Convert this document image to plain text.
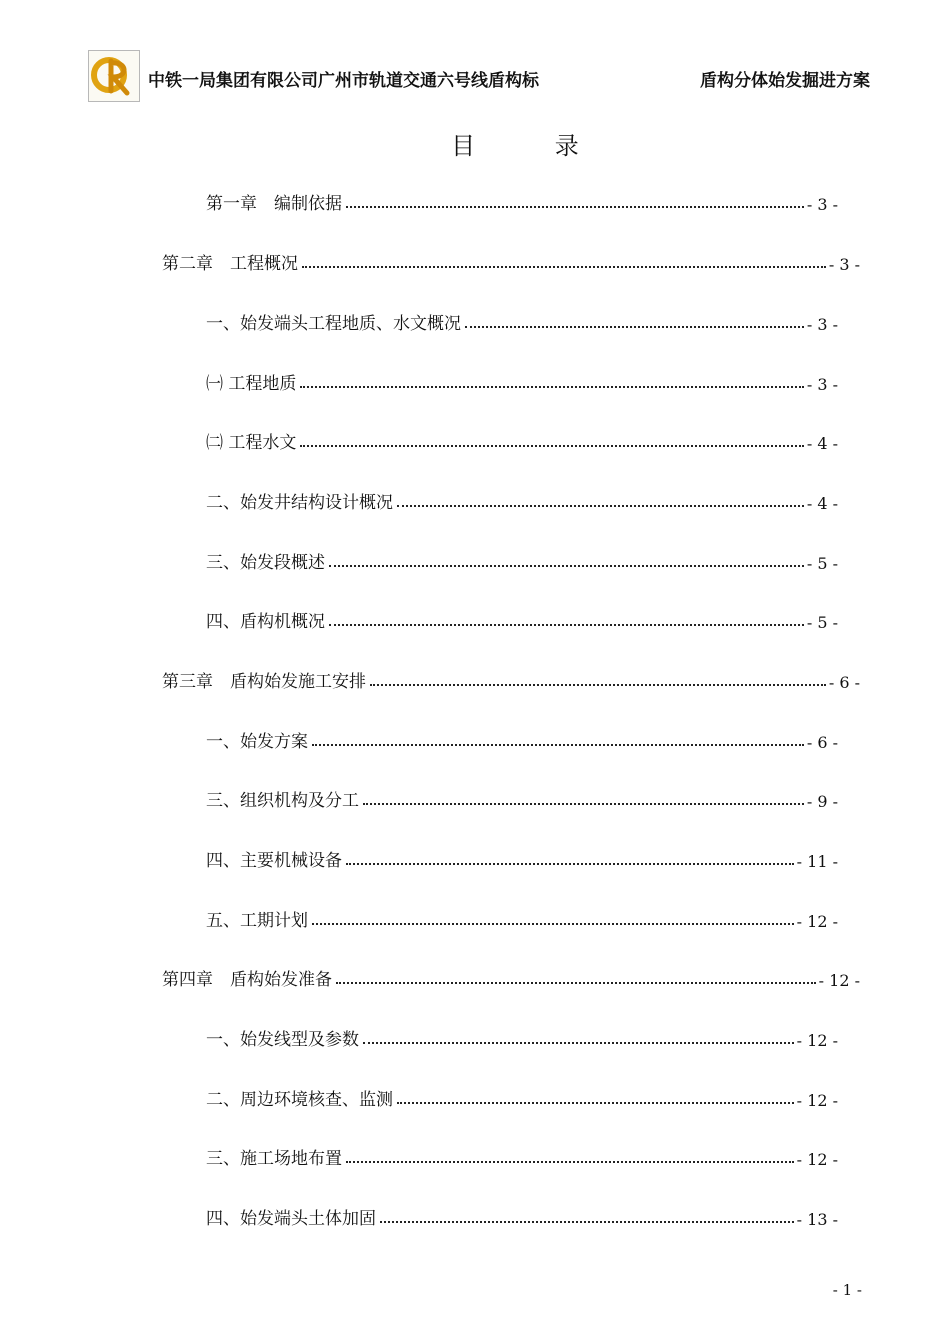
中铁一局集团有限公司广州市轨道交通六号线盾构标	盾构分体始发掘进方案
目 录
第一章　编制依据	- 3 -
第二章　工程概况	- 3 -
一、始发端头工程地质、水文概况	- 3 -
㈠ 工程地质	- 3 -
㈡ 工程水文	- 4 -
二、始发井结构设计概况	- 4 -
三、始发段概述	- 5 -
四、盾构机概况	- 5 -
第三章　盾构始发施工安排	- 6 -
一、始发方案	- 6 -
三、组织机构及分工	- 9 -
四、主要机械设备	- 11 -
五、工期计划	- 12 -
第四章　盾构始发准备	- 12 -
一、始发线型及参数	- 12 -
二、周边环境核查、监测	- 12 -
三、施工场地布置	- 12 -
四、始发端头土体加固	- 13 -
- 1 -
